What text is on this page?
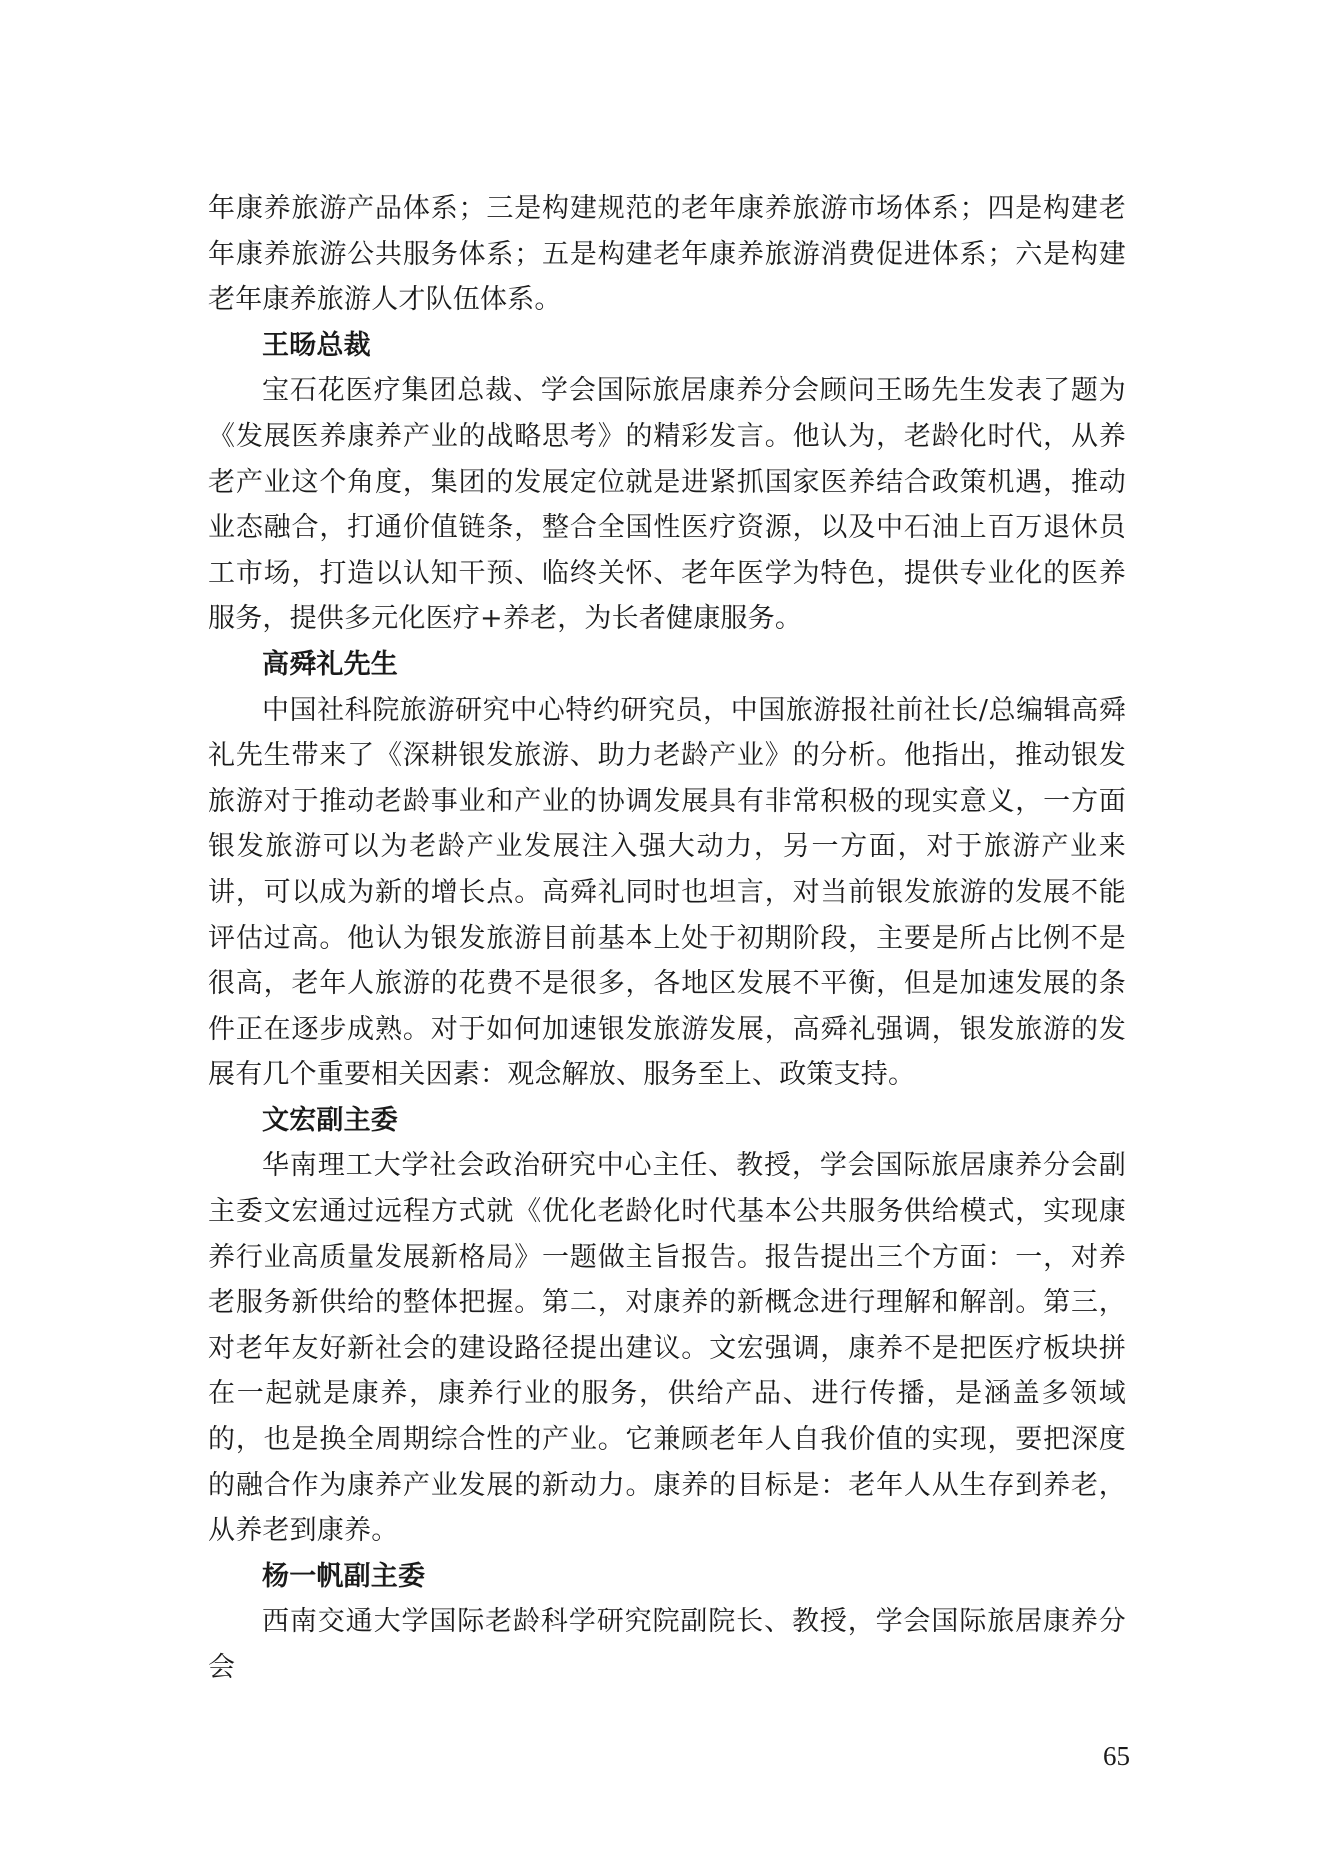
年康养旅游产品体系；三是构建规范的老年康养旅游市场体系；四是构建老年康养旅游公共服务体系；五是构建老年康养旅游消费促进体系；六是构建老年康养旅游人才队伍体系。

王旸总裁

宝石花医疗集团总裁、学会国际旅居康养分会顾问王旸先生发表了题为《发展医养康养产业的战略思考》的精彩发言。他认为，老龄化时代，从养老产业这个角度，集团的发展定位就是进紧抓国家医养结合政策机遇，推动业态融合，打通价值链条，整合全国性医疗资源，以及中石油上百万退休员工市场，打造以认知干预、临终关怀、老年医学为特色，提供专业化的医养服务，提供多元化医疗+养老，为长者健康服务。

高舜礼先生

中国社科院旅游研究中心特约研究员，中国旅游报社前社长/总编辑高舜礼先生带来了《深耕银发旅游、助力老龄产业》的分析。他指出，推动银发旅游对于推动老龄事业和产业的协调发展具有非常积极的现实意义，一方面银发旅游可以为老龄产业发展注入强大动力，另一方面，对于旅游产业来讲，可以成为新的增长点。高舜礼同时也坦言，对当前银发旅游的发展不能评估过高。他认为银发旅游目前基本上处于初期阶段，主要是所占比例不是很高，老年人旅游的花费不是很多，各地区发展不平衡，但是加速发展的条件正在逐步成熟。对于如何加速银发旅游发展，高舜礼强调，银发旅游的发展有几个重要相关因素：观念解放、服务至上、政策支持。

文宏副主委

华南理工大学社会政治研究中心主任、教授，学会国际旅居康养分会副主委文宏通过远程方式就《优化老龄化时代基本公共服务供给模式，实现康养行业高质量发展新格局》一题做主旨报告。报告提出三个方面：一，对养老服务新供给的整体把握。第二，对康养的新概念进行理解和解剖。第三，对老年友好新社会的建设路径提出建议。文宏强调，康养不是把医疗板块拼在一起就是康养，康养行业的服务，供给产品、进行传播，是涵盖多领域的，也是换全周期综合性的产业。它兼顾老年人自我价值的实现，要把深度的融合作为康养产业发展的新动力。康养的目标是：老年人从生存到养老，从养老到康养。

杨一帆副主委

西南交通大学国际老龄科学研究院副院长、教授，学会国际旅居康养分会

65
